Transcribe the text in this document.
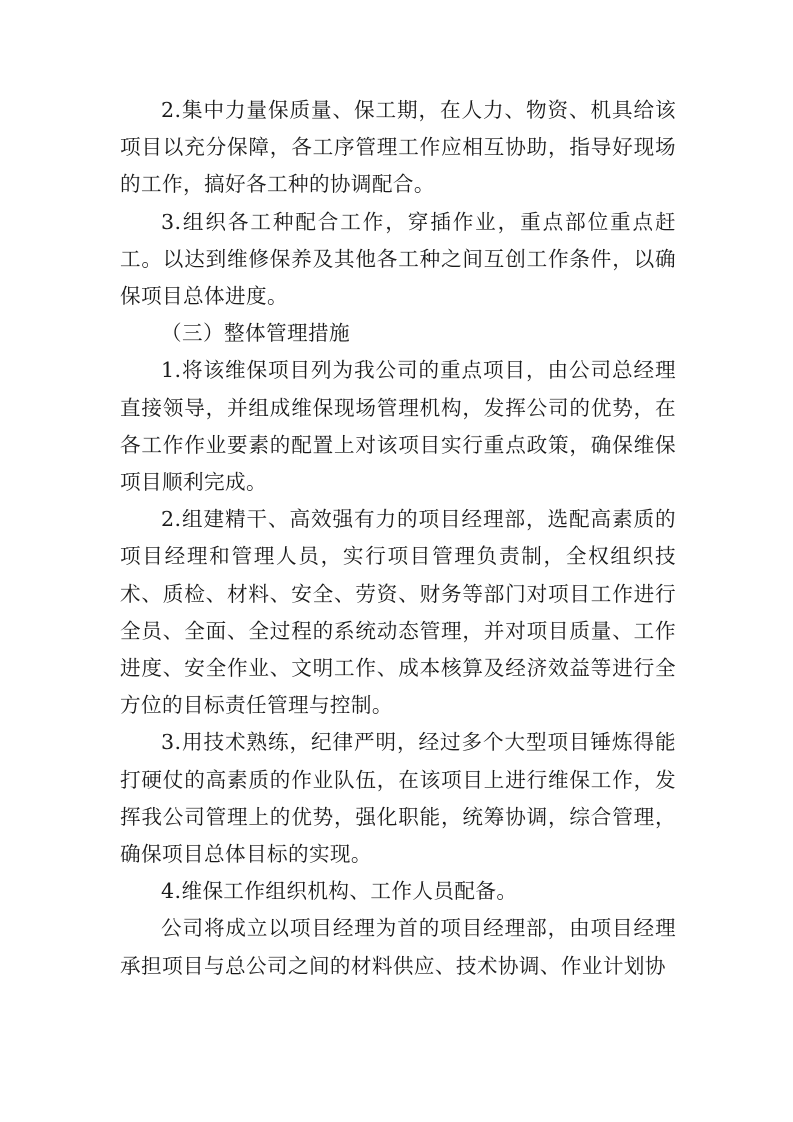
2.集中力量保质量、保工期，在人力、物资、机具给该项目以充分保障，各工序管理工作应相互协助，指导好现场的工作，搞好各工种的协调配合。

3.组织各工种配合工作，穿插作业，重点部位重点赶工。以达到维修保养及其他各工种之间互创工作条件，以确保项目总体进度。

（三）整体管理措施

1.将该维保项目列为我公司的重点项目，由公司总经理直接领导，并组成维保现场管理机构，发挥公司的优势，在各工作作业要素的配置上对该项目实行重点政策，确保维保项目顺利完成。

2.组建精干、高效强有力的项目经理部，选配高素质的项目经理和管理人员，实行项目管理负责制，全权组织技术、质检、材料、安全、劳资、财务等部门对项目工作进行全员、全面、全过程的系统动态管理，并对项目质量、工作进度、安全作业、文明工作、成本核算及经济效益等进行全方位的目标责任管理与控制。

3.用技术熟练，纪律严明，经过多个大型项目锤炼得能打硬仗的高素质的作业队伍，在该项目上进行维保工作，发挥我公司管理上的优势，强化职能，统筹协调，综合管理，确保项目总体目标的实现。

4.维保工作组织机构、工作人员配备。

公司将成立以项目经理为首的项目经理部，由项目经理承担项目与总公司之间的材料供应、技术协调、作业计划协
